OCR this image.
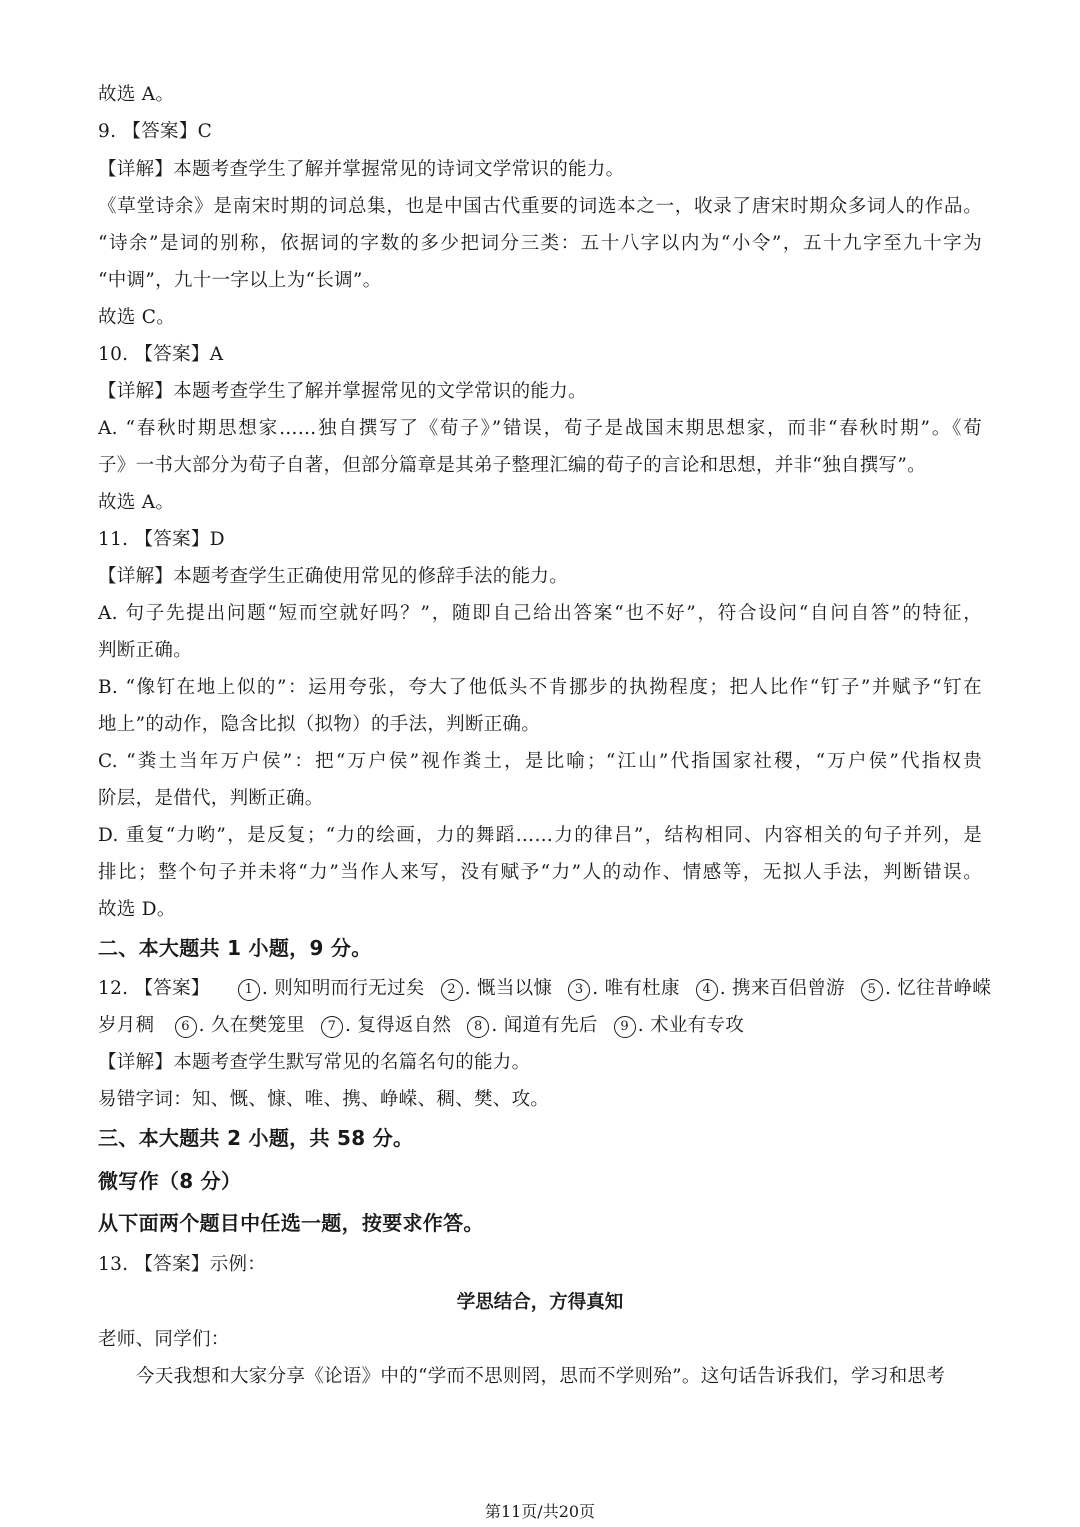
故选 A。
9. 【答案】C
【详解】本题考查学生了解并掌握常见的诗词文学常识的能力。
《草堂诗余》是南宋时期的词总集，也是中国古代重要的词选本之一，收录了唐宋时期众多词人的作品。
“诗余”是词的别称，依据词的字数的多少把词分三类：五十八字以内为“小令”，五十九字至九十字为
“中调”，九十一字以上为“长调”。
故选 C。
10. 【答案】A
【详解】本题考查学生了解并掌握常见的文学常识的能力。
A. “春秋时期思想家……独自撰写了《荀子》”错误，荀子是战国末期思想家，而非“春秋时期”。《荀
子》一书大部分为荀子自著，但部分篇章是其弟子整理汇编的荀子的言论和思想，并非“独自撰写”。
故选 A。
11. 【答案】D
【详解】本题考查学生正确使用常见的修辞手法的能力。
A. 句子先提出问题“短而空就好吗？”，随即自己给出答案“也不好”，符合设问“自问自答”的特征，
判断正确。
B. “像钉在地上似的”：运用夸张，夸大了他低头不肯挪步的执拗程度；把人比作“钉子”并赋予“钉在
地上”的动作，隐含比拟（拟物）的手法，判断正确。
C. “粪土当年万户侯”：把“万户侯”视作粪土，是比喻；“江山”代指国家社稷，“万户侯”代指权贵
阶层，是借代，判断正确。
D. 重复“力哟”，是反复；“力的绘画，力的舞蹈……力的律吕”，结构相同、内容相关的句子并列，是
排比；整个句子并未将“力”当作人来写，没有赋予“力”人的动作、情感等，无拟人手法，判断错误。
故选 D。
二、本大题共 1 小题，9 分。
12. 【答案】	1 . 则知明而行无过矣 2 . 慨当以慷 3 . 唯有杜康 4 . 携来百侣曾游 5 . 忆往昔峥嵘
岁月稠 6 . 久在樊笼里 7 . 复得返自然 8 . 闻道有先后 9 . 术业有专攻
【详解】本题考查学生默写常见的名篇名句的能力。
易错字词：知、慨、慷、唯、携、峥嵘、稠、樊、攻。
三、本大题共 2 小题，共 58 分。
微写作（8 分）
从下面两个题目中任选一题，按要求作答。
13. 【答案】示例：
学思结合，方得真知
老师、同学们：
今天我想和大家分享《论语》中的“学而不思则罔，思而不学则殆”。这句话告诉我们，学习和思考
第11页/共20页
